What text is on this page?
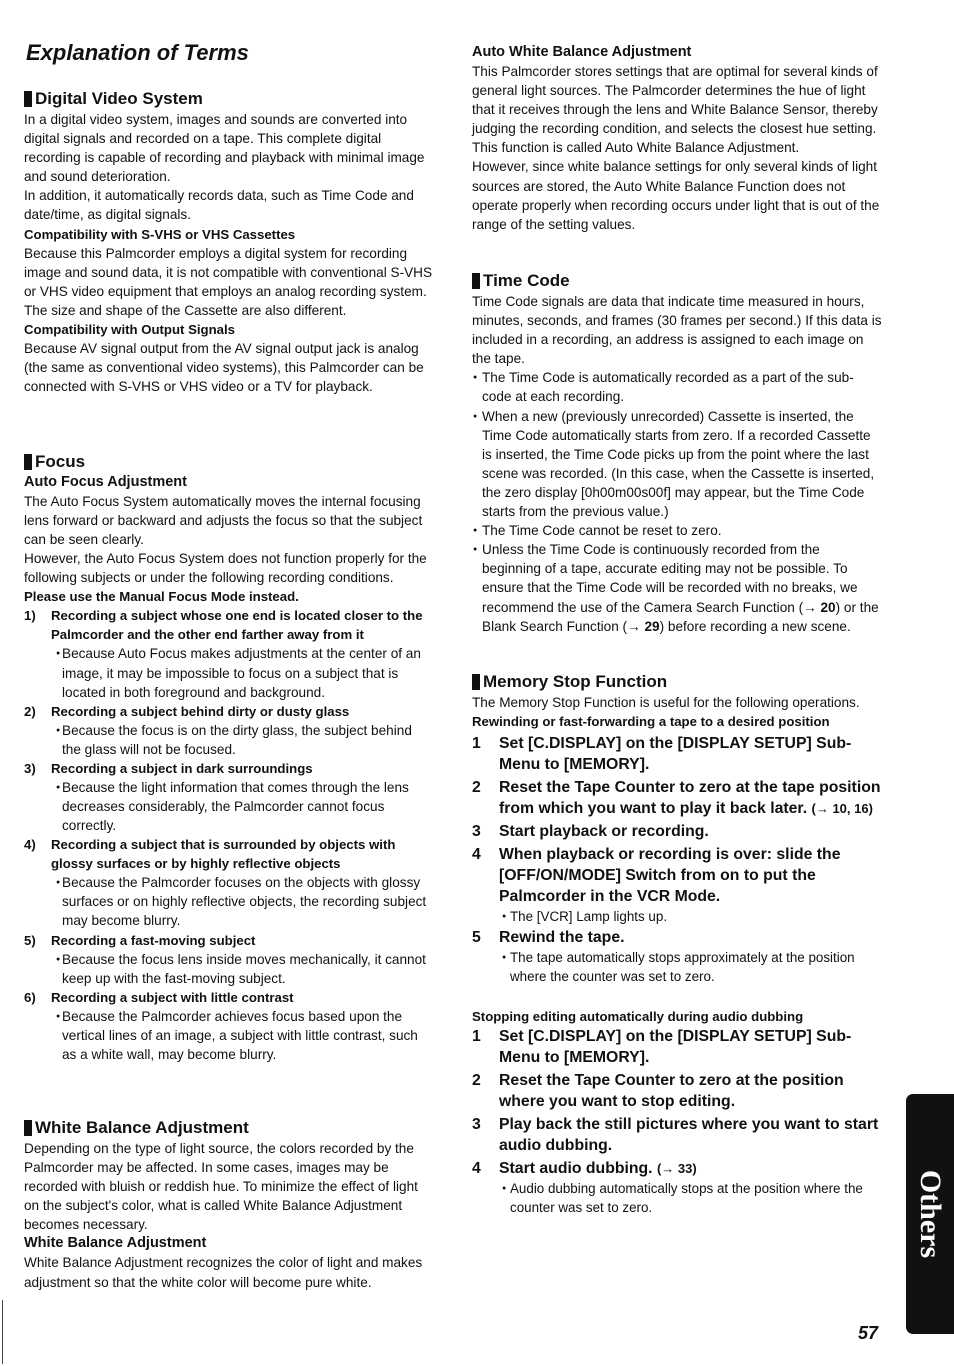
Explanation of Terms
Digital Video System

In a digital video system, images and sounds are converted into digital signals and recorded on a tape. This complete digital recording is capable of recording and playback with minimal image and sound deterioration.

In addition, it automatically records data, such as Time Code and date/time, as digital signals.

Compatibility with S-VHS or VHS Cassettes

Because this Palmcorder employs a digital system for recording image and sound data, it is not compatible with conventional S-VHS or VHS video equipment that employs an analog recording system.

The size and shape of the Cassette are also different.

Compatibility with Output Signals

Because AV signal output from the AV signal output jack is analog (the same as conventional video systems), this Palmcorder can be connected with S-VHS or VHS video or a TV for playback.

Focus
Auto Focus Adjustment

The Auto Focus System automatically moves the internal focusing lens forward or backward and adjusts the focus so that the subject can be seen clearly.

However, the Auto Focus System does not function properly for the following subjects or under the following recording conditions.

Please use the Manual Focus Mode instead.
1)	Recording a subject whose one end is located closer to the Palmcorder and the other end farther away from it

● Because Auto Focus makes adjustments at the center of an image, it may be impossible to focus on a subject that is located in both foreground and background.

2)	Recording a subject behind dirty or dusty glass

● Because the focus is on the dirty glass, the subject behind the glass will not be focused.

3)	Recording a subject in dark surroundings

● Because the light information that comes through the lens decreases considerably, the Palmcorder cannot focus correctly.

4)	Recording a subject that is surrounded by objects with glossy surfaces or by highly reflective objects

● Because the Palmcorder focuses on the objects with glossy surfaces or on highly reflective objects, the recording subject may become blurry.

5)	Recording a fast-moving subject

● Because the focus lens inside moves mechanically, it cannot keep up with the fast-moving subject.

6)	Recording a subject with little contrast

● Because the Palmcorder achieves focus based upon the vertical lines of an image, a subject with little contrast, such as a white wall, may become blurry.

White Balance Adjustment

Depending on the type of light source, the colors recorded by the Palmcorder may be affected. In some cases, images may be recorded with bluish or reddish hue. To minimize the effect of light on the subject's color, what is called White Balance Adjustment becomes necessary.

White Balance Adjustment

White Balance Adjustment recognizes the color of light and makes adjustment so that the white color will become pure white.

Auto White Balance Adjustment

This Palmcorder stores settings that are optimal for several kinds of general light sources. The Palmcorder determines the hue of light that it receives through the lens and White Balance Sensor, thereby judging the recording condition, and selects the closest hue setting. This function is called Auto White Balance Adjustment.

However, since white balance settings for only several kinds of light sources are stored, the Auto White Balance Function does not operate properly when recording occurs under light that is out of the range of the setting values.

Time Code

Time Code signals are data that indicate time measured in hours, minutes, seconds, and frames (30 frames per second.) If this data is included in a recording, an address is assigned to each image on the tape.

● The Time Code is automatically recorded as a part of the sub-code at each recording.

● When a new (previously unrecorded) Cassette is inserted, the Time Code automatically starts from zero. If a recorded Cassette is inserted, the Time Code picks up from the point where the last scene was recorded. (In this case, when the Cassette is inserted, the zero display [0h00m00s00f] may appear, but the Time Code starts from the previous value.)

● The Time Code cannot be reset to zero.

● Unless the Time Code is continuously recorded from the beginning of a tape, accurate editing may not be possible. To ensure that the Time Code will be recorded with no breaks, we recommend the use of the Camera Search Function (→ 20) or the Blank Search Function (→ 29) before recording a new scene.

Memory Stop Function

The Memory Stop Function is useful for the following operations.

Rewinding or fast-forwarding a tape to a desired position
1	Set [C.DISPLAY] on the [DISPLAY SETUP] Sub-Menu to [MEMORY].
2	Reset the Tape Counter to zero at the tape position from which you want to play it back later. (→ 10, 16)
3	Start playback or recording.
4	When playback or recording is over: slide the [OFF/ON/MODE] Switch from on to put the Palmcorder in the VCR Mode.

● The [VCR] Lamp lights up.

5	Rewind the tape.

● The tape automatically stops approximately at the position where the counter was set to zero.

Stopping editing automatically during audio dubbing
1	Set [C.DISPLAY] on the [DISPLAY SETUP] Sub-Menu to [MEMORY].
2	Reset the Tape Counter to zero at the position where you want to stop editing.
3	Play back the still pictures where you want to start audio dubbing.
4	Start audio dubbing. (→ 33)

● Audio dubbing automatically stops at the position where the counter was set to zero.	Others
57
